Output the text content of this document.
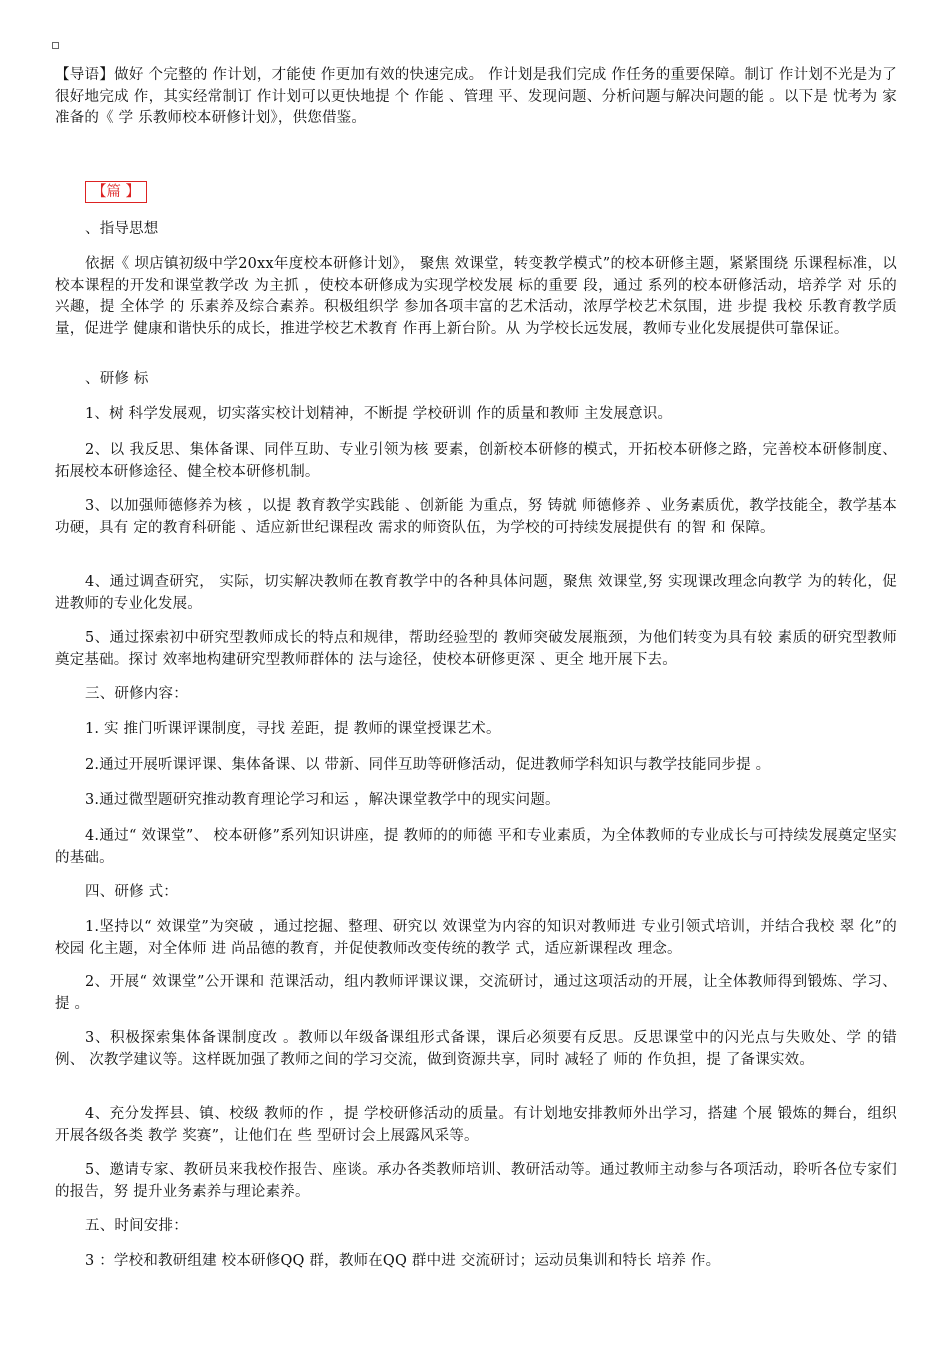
【导语】做好 个完整的 作计划，才能使 作更加有效的快速完成。 作计划是我们完成 作任务的重要保障。制订 作计划不光是为了很好地完成 作，其实经常制订 作计划可以更快地提 个 作能 、管理 平、发现问题、分析问题与解决问题的能 。以下是 忧考为 家准备的《 学 乐教师校本研修计划》，供您借鉴。

【篇 】

、指导思想

依据《 坝店镇初级中学20xx年度校本研修计划》， 聚焦 效课堂，转变教学模式”的校本研修主题，紧紧围绕 乐课程标准，以校本课程的开发和课堂教学改 为主抓 ，使校本研修成为实现学校发展 标的重要 段，通过 系列的校本研修活动，培养学 对 乐的兴趣，提 全体学 的 乐素养及综合素养。积极组织学 参加各项丰富的艺术活动，浓厚学校艺术氛围，进 步提 我校 乐教育教学质量，促进学 健康和谐快乐的成长，推进学校艺术教育 作再上新台阶。从 为学校长远发展，教师专业化发展提供可靠保证。

、研修 标

1、树 科学发展观，切实落实校计划精神，不断提 学校研训 作的质量和教师 主发展意识。

2、以 我反思、集体备课、同伴互助、专业引领为核 要素，创新校本研修的模式，开拓校本研修之路，完善校本研修制度、拓展校本研修途径、健全校本研修机制。

3、以加强师德修养为核 ，以提 教育教学实践能 、创新能 为重点，努 铸就 师德修养 、业务素质优，教学技能全，教学基本功硬，具有 定的教育科研能 、适应新世纪课程改 需求的师资队伍，为学校的可持续发展提供有 的智 和 保障。

4、通过调查研究， 实际，切实解决教师在教育教学中的各种具体问题，聚焦 效课堂,努 实现课改理念向教学 为的转化，促进教师的专业化发展。

5、通过探索初中研究型教师成长的特点和规律，帮助经验型的 教师突破发展瓶颈，为他们转变为具有较 素质的研究型教师奠定基础。探讨 效率地构建研究型教师群体的 法与途径，使校本研修更深 、更全 地开展下去。

三、研修内容：

1. 实 推门听课评课制度，寻找 差距，提 教师的课堂授课艺术。

2.通过开展听课评课、集体备课、以 带新、同伴互助等研修活动，促进教师学科知识与教学技能同步提 。

3.通过微型题研究推动教育理论学习和运 ，解决课堂教学中的现实问题。

4.通过“ 效课堂”、 校本研修”系列知识讲座，提 教师的的师德 平和专业素质，为全体教师的专业成长与可持续发展奠定坚实的基础。

四、研修 式：

1.坚持以“ 效课堂”为突破 ，通过挖掘、整理、研究以 效课堂为内容的知识对教师进 专业引领式培训，并结合我校 翠 化”的校园 化主题，对全体师 进 尚品德的教育，并促使教师改变传统的教学 式，适应新课程改 理念。

2、开展“ 效课堂”公开课和 范课活动，组内教师评课议课，交流研讨，通过这项活动的开展，让全体教师得到锻炼、学习、提 。

3、积极探索集体备课制度改 。教师以年级备课组形式备课，课后必须要有反思。反思课堂中的闪光点与失败处、学 的错例、 次教学建议等。这样既加强了教师之间的学习交流，做到资源共享，同时 减轻了 师的 作负担，提 了备课实效。

4、充分发挥县、镇、校级 教师的作 ，提 学校研修活动的质量。有计划地安排教师外出学习，搭建 个展 锻炼的舞台，组织开展各级各类 教学 奖赛”，让他们在 些 型研讨会上展露风采等。

5、邀请专家、教研员来我校作报告、座谈。承办各类教师培训、教研活动等。通过教师主动参与各项活动，聆听各位专家们的报告，努 提升业务素养与理论素养。

五、时间安排：

3 ：学校和教研组建 校本研修QQ 群，教师在QQ 群中进 交流研讨；运动员集训和特长 培养 作。
